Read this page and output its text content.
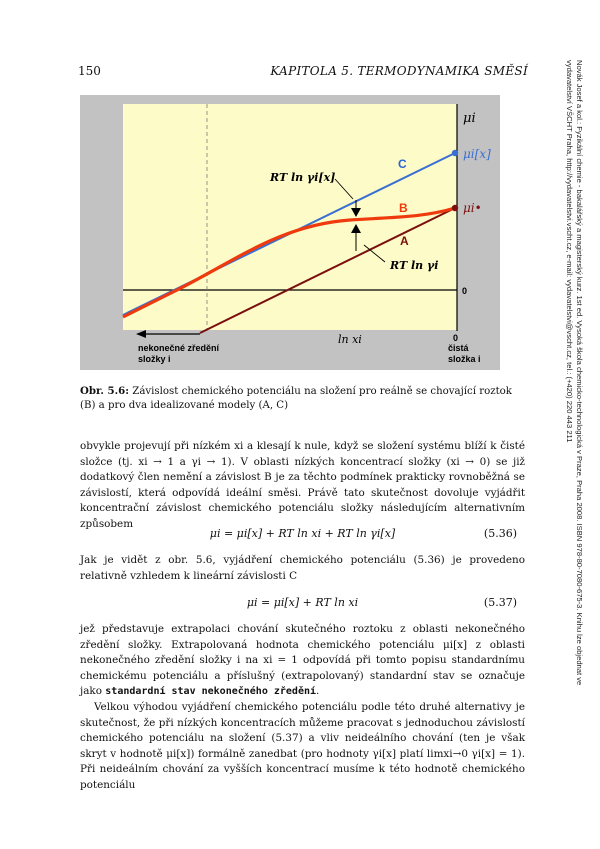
150	KAPITOLA 5. TERMODYNAMIKA SMĚSÍ
μi
μi[x]
μi•
C
B
A
0
0
RT ln γi[x]
RT ln γi
ln xi
nekonečné zředění
složky i
čistá
složka i
Obr. 5.6: Závislost chemického potenciálu na složení pro reálně se chovající roztok (B) a pro dva idealizované modely (A, C)
obvykle projevují při nízkém xi a klesají k nule, když se složení systému blíží k čisté složce (tj. xi → 1 a γi → 1). V oblasti nízkých koncentrací složky (xi → 0) se již dodatkový člen nemění a závislost B je za těchto podmínek prakticky rovnoběžná se závislostí, která odpovídá ideální směsi. Právě tato skutečnost dovoluje vyjádřit koncentrační závislost chemického potenciálu složky následujícím alternativním způsobem
μi = μi[x] + RT ln xi + RT ln γi[x]	(5.36)
Jak je vidět z obr. 5.6, vyjádření chemického potenciálu (5.36) je provedeno relativně vzhledem k lineární závislosti C
μi = μi[x] + RT ln xi	(5.37)
jež představuje extrapolaci chování skutečného roztoku z oblasti nekonečného zředění složky. Extrapolovaná hodnota chemického potenciálu μi[x] z oblasti nekonečného zředění složky i na xi = 1 odpovídá při tomto popisu standardnímu chemickému potenciálu a příslušný (extrapolovaný) standardní stav se označuje jako standardní stav nekonečného zředění.
Velkou výhodou vyjádření chemického potenciálu podle této druhé alternativy je skutečnost, že při nízkých koncentracích můžeme pracovat s jednoduchou závislostí chemického potenciálu na složení (5.37) a vliv neideálního chování (ten je však skryt v hodnotě μi[x]) formálně zanedbat (pro hodnoty γi[x] platí limxi→0 γi[x] = 1). Při neideálním chování za vyšších koncentrací musíme k této hodnotě chemického potenciálu
Novák Josef a kol.: Fyzikální chemie - bakalářský a magisterský kurz. 1st ed. Vysoká škola chemicko-technologická v Praze, Praha 2008. ISBN 978-80-7080-675-3. Knihu lze objednat ve vydavatelství VŠCHT Praha, http://vydavatelstvi.vscht.cz, e-mail: vydavatelstvi@vscht.cz, tel.: (+420) 220 443 211
